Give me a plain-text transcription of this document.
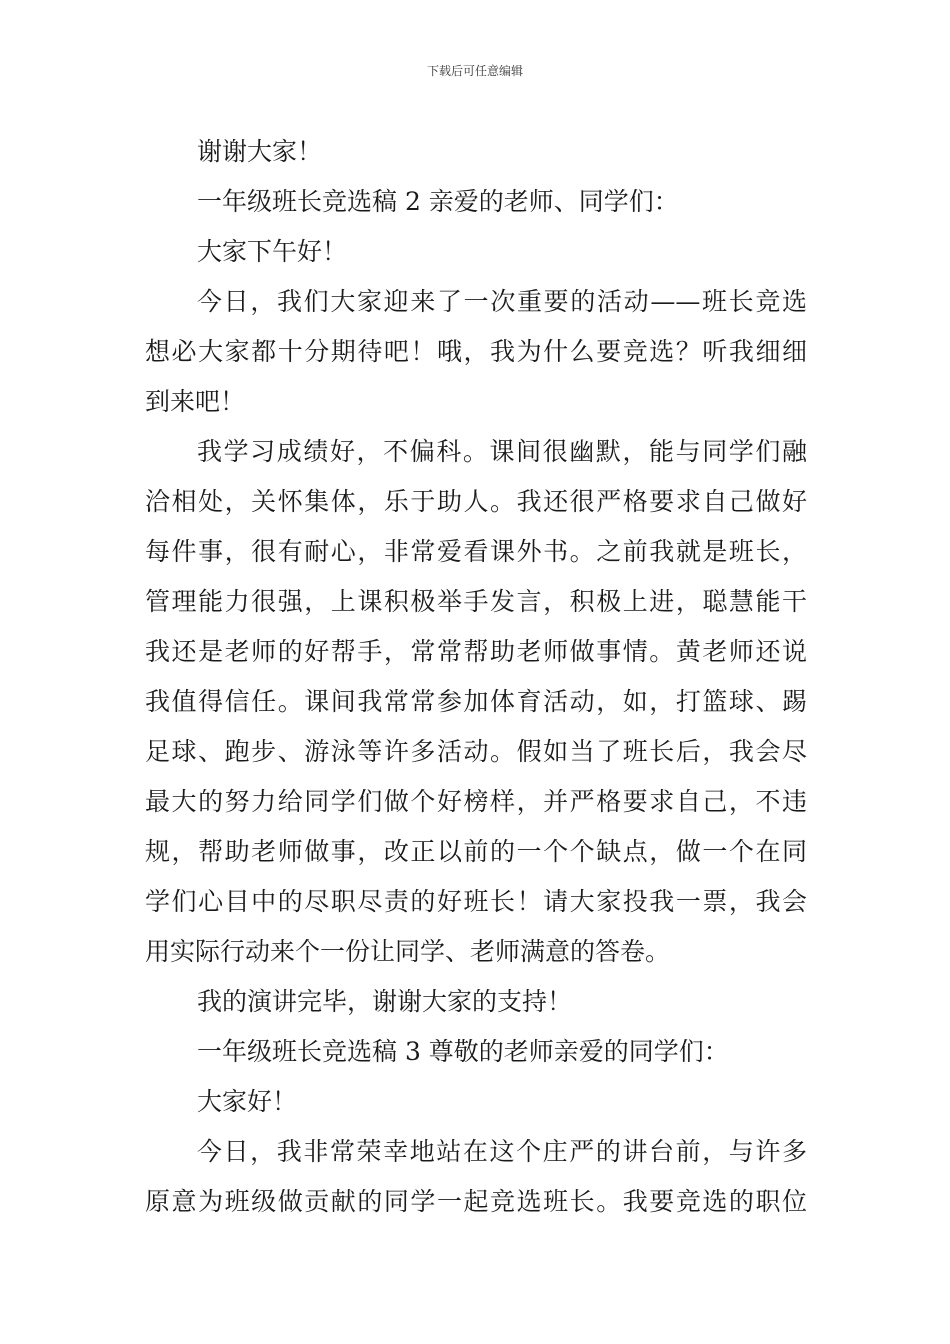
下载后可任意编辑
谢谢大家！
一年级班长竞选稿 2 亲爱的老师、同学们：
大家下午好！
今日，我们大家迎来了一次重要的活动——班长竞选
想必大家都十分期待吧！哦，我为什么要竞选？听我细细
到来吧！
我学习成绩好，不偏科。课间很幽默，能与同学们融
洽相处，关怀集体，乐于助人。我还很严格要求自己做好
每件事，很有耐心，非常爱看课外书。之前我就是班长，
管理能力很强，上课积极举手发言，积极上进，聪慧能干
我还是老师的好帮手，常常帮助老师做事情。黄老师还说
我值得信任。课间我常常参加体育活动，如，打篮球、踢
足球、跑步、游泳等许多活动。假如当了班长后，我会尽
最大的努力给同学们做个好榜样，并严格要求自己，不违
规，帮助老师做事，改正以前的一个个缺点，做一个在同
学们心目中的尽职尽责的好班长！请大家投我一票，我会
用实际行动来个一份让同学、老师满意的答卷。
我的演讲完毕，谢谢大家的支持！
一年级班长竞选稿 3 尊敬的老师亲爱的同学们：
大家好！
今日，我非常荣幸地站在这个庄严的讲台前，与许多
原意为班级做贡献的同学一起竞选班长。我要竞选的职位
